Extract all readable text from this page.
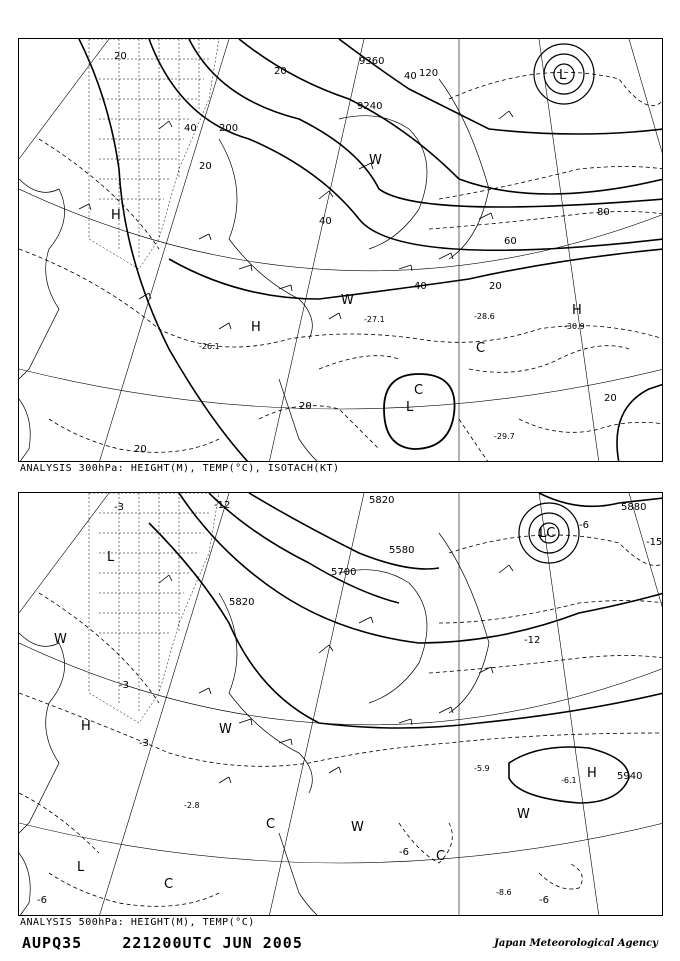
20
20
20
20
40
40
40
40
60
80
120
200
9240
9360
20
20
20
H
H
H
L
C
C
W
W
L
-29.7
-28.6
-27.1
-30.9
-26.1
ANALYSIS 300hPa: HEIGHT(M), TEMP(°C), ISOTACH(KT)
5820
5700
5580
5880
5940
5820
-3
-3
-3
-12
-15
-12
-6
-6
-6
-6
H
H
W
W
W
W
L
L
C
C
C
LC
-5.9
-6.1
-8.6
-2.8
ANALYSIS 500hPa: HEIGHT(M), TEMP(°C)
AUPQ35	221200UTC JUN 2005	Japan Meteorological Agency
